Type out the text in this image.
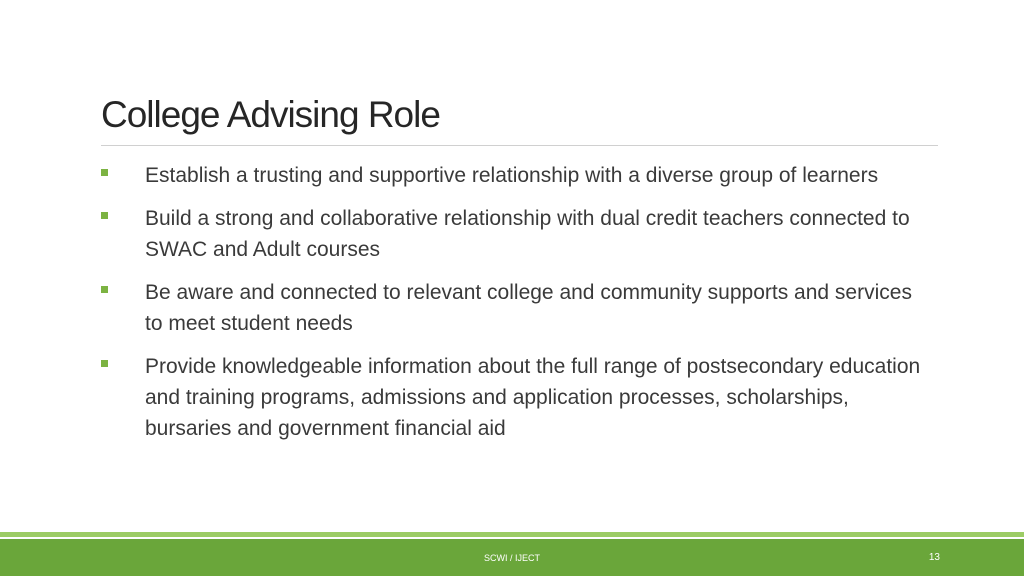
College Advising Role
Establish a trusting and supportive relationship with a diverse group of learners
Build a strong and collaborative relationship with dual credit teachers connected to SWAC and Adult courses
Be aware and connected to relevant college and community supports and services to meet student needs
Provide knowledgeable information about the full range of postsecondary education and training programs, admissions and application processes, scholarships, bursaries and government financial aid
SCWI / IJECT	13
